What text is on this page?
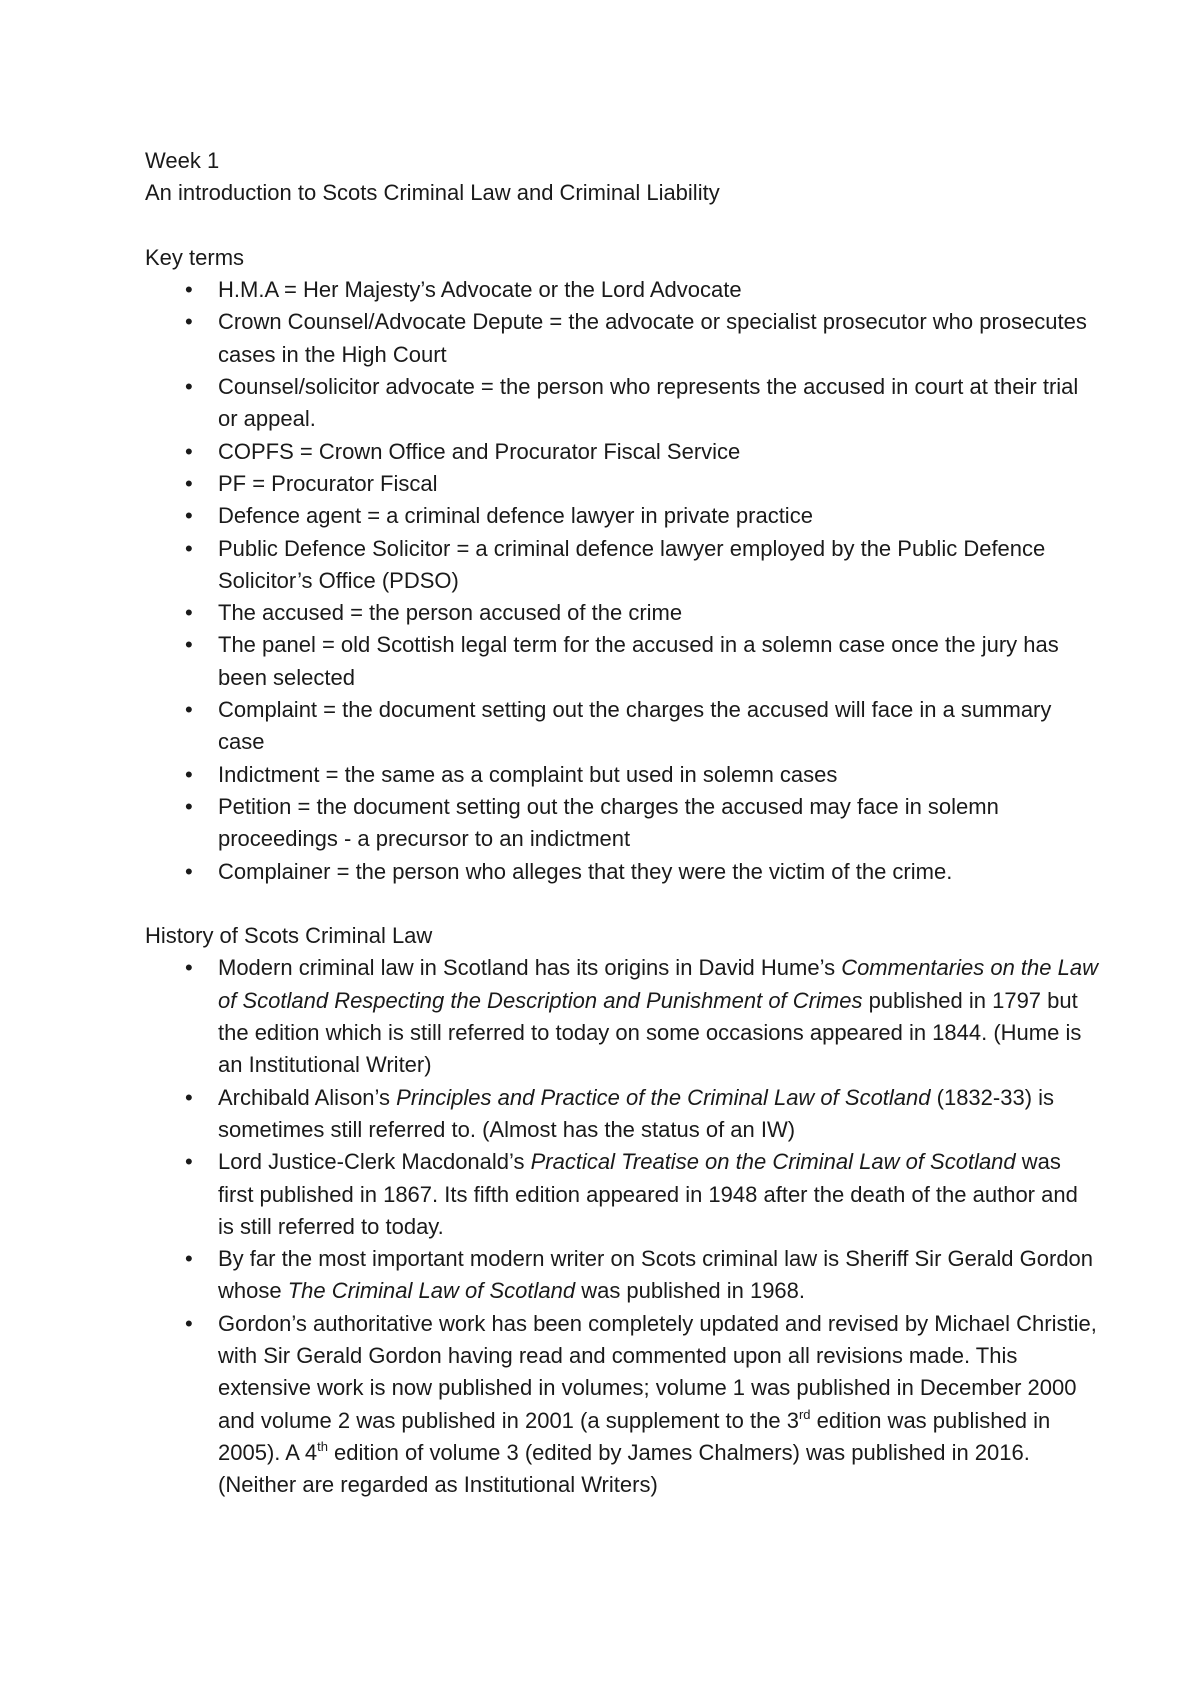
Week 1

An introduction to Scots Criminal Law and Criminal Liability

Key terms

• H.M.A = Her Majesty’s Advocate or the Lord Advocate
• Crown Counsel/Advocate Depute = the advocate or specialist prosecutor who prosecutes cases in the High Court
• Counsel/solicitor advocate = the person who represents the accused in court at their trial or appeal.
• COPFS = Crown Office and Procurator Fiscal Service
• PF = Procurator Fiscal
• Defence agent = a criminal defence lawyer in private practice
• Public Defence Solicitor = a criminal defence lawyer employed by the Public Defence Solicitor’s Office (PDSO)
• The accused = the person accused of the crime
• The panel = old Scottish legal term for the accused in a solemn case once the jury has been selected
• Complaint = the document setting out the charges the accused will face in a summary case
• Indictment = the same as a complaint but used in solemn cases
• Petition = the document setting out the charges the accused may face in solemn proceedings - a precursor to an indictment
• Complainer = the person who alleges that they were the victim of the crime.

History of Scots Criminal Law

• Modern criminal law in Scotland has its origins in David Hume’s Commentaries on the Law of Scotland Respecting the Description and Punishment of Crimes published in 1797 but the edition which is still referred to today on some occasions appeared in 1844. (Hume is an Institutional Writer)
• Archibald Alison’s Principles and Practice of the Criminal Law of Scotland (1832-33) is sometimes still referred to. (Almost has the status of an IW)
• Lord Justice-Clerk Macdonald’s Practical Treatise on the Criminal Law of Scotland was first published in 1867. Its fifth edition appeared in 1948 after the death of the author and is still referred to today.
• By far the most important modern writer on Scots criminal law is Sheriff Sir Gerald Gordon whose The Criminal Law of Scotland was published in 1968.
• Gordon’s authoritative work has been completely updated and revised by Michael Christie, with Sir Gerald Gordon having read and commented upon all revisions made. This extensive work is now published in volumes; volume 1 was published in December 2000 and volume 2 was published in 2001 (a supplement to the 3rd edition was published in 2005). A 4th edition of volume 3 (edited by James Chalmers) was published in 2016. (Neither are regarded as Institutional Writers)
